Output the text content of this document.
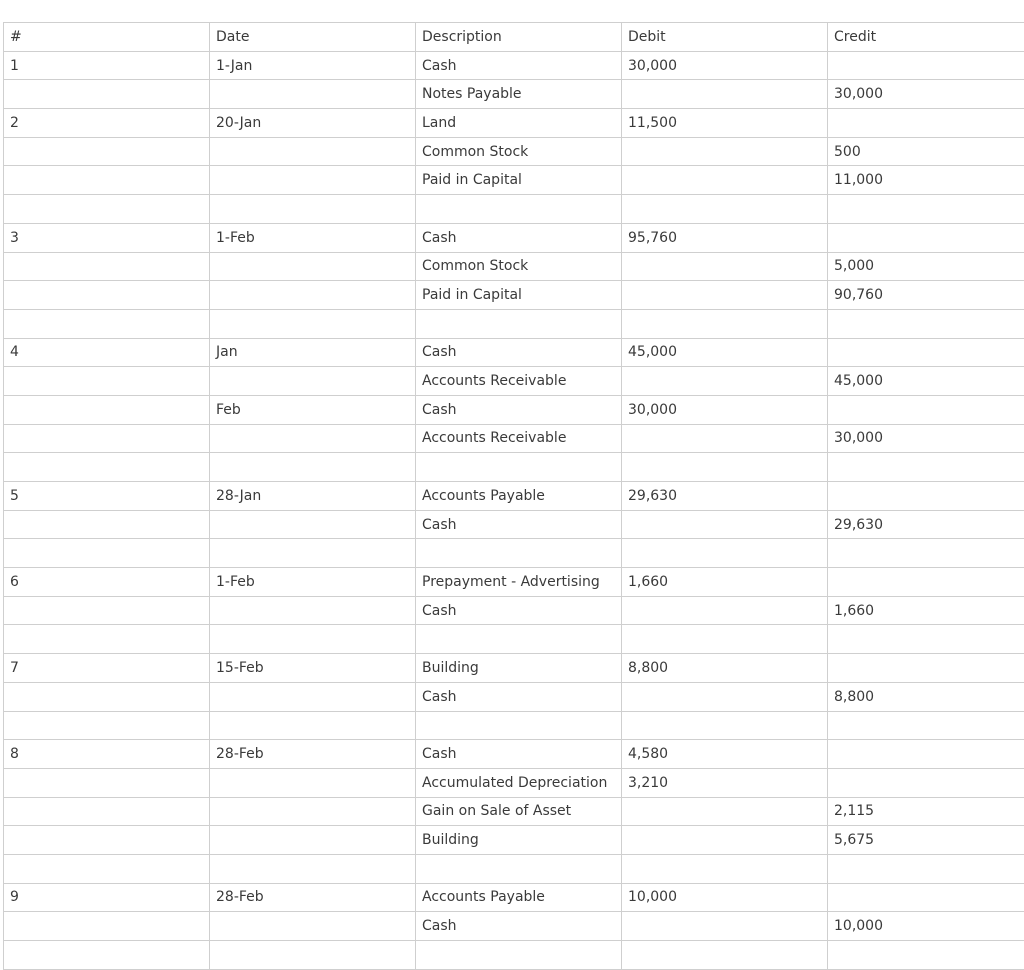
#	Date	Description	Debit	Credit
1	1-Jan	Cash	30,000	
		Notes Payable		30,000
2	20-Jan	Land	11,500	
		Common Stock		500
		Paid in Capital		11,000

3	1-Feb	Cash	95,760	
		Common Stock		5,000
		Paid in Capital		90,760

4	Jan	Cash	45,000	
		Accounts Receivable		45,000
	Feb	Cash	30,000	
		Accounts Receivable		30,000

5	28-Jan	Accounts Payable	29,630	
		Cash		29,630

6	1-Feb	Prepayment - Advertising	1,660	
		Cash		1,660

7	15-Feb	Building	8,800	
		Cash		8,800

8	28-Feb	Cash	4,580	
		Accumulated Depreciation	3,210	
		Gain on Sale of Asset		2,115
		Building		5,675

9	28-Feb	Accounts Payable	10,000	
		Cash		10,000
